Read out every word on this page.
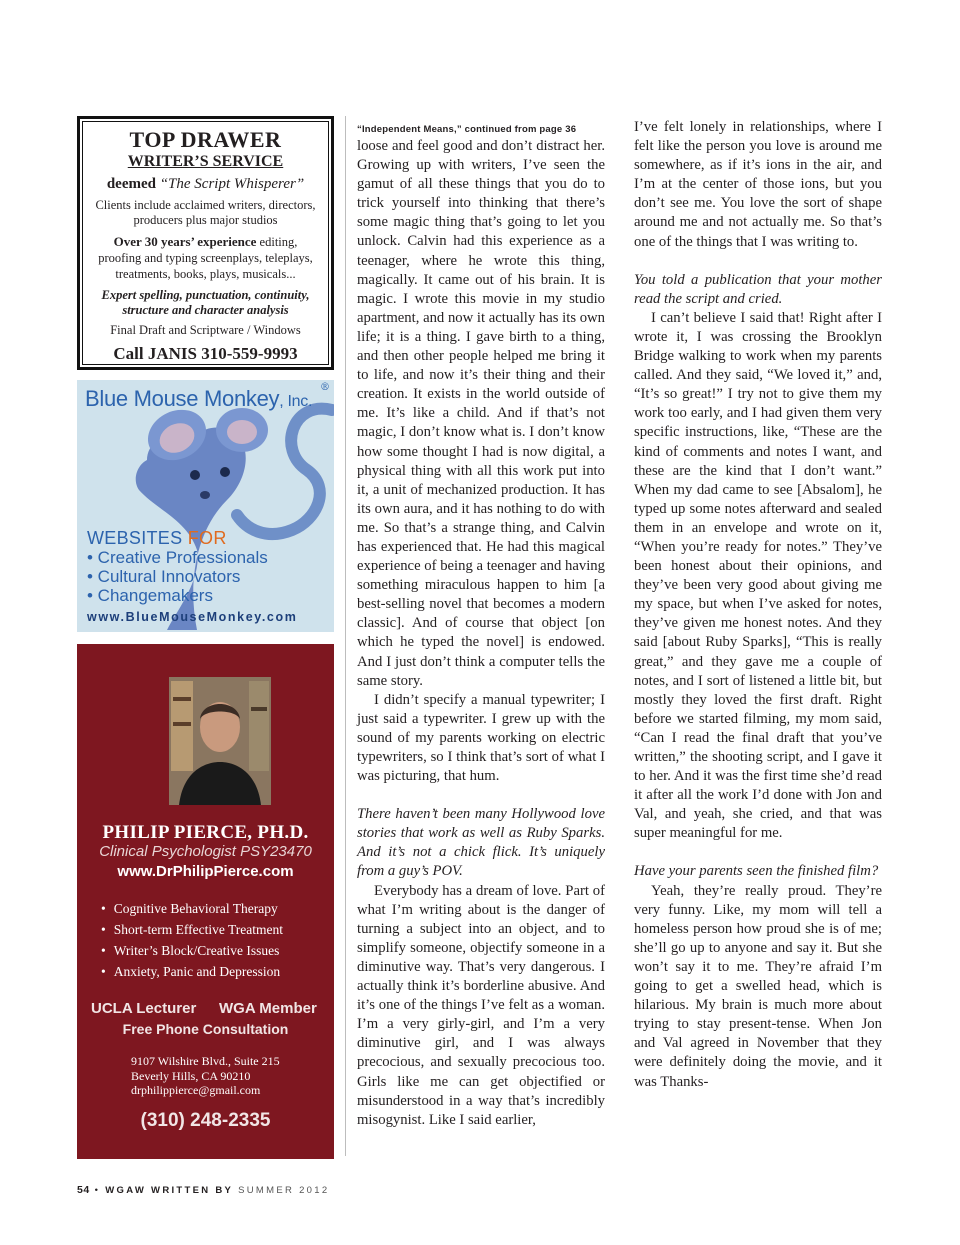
TOP DRAWER
WRITER’S SERVICE
deemed “The Script Whisperer”
Clients include acclaimed writers, directors, producers plus major studios
Over 30 years’ experience editing, proofing and typing screenplays, teleplays, treatments, books, plays, musicals...
Expert spelling, punctuation, continuity, structure and character analysis
Final Draft and Scriptware / Windows
Call JANIS 310-559-9993
®
Blue Mouse Monkey, Inc.
WEBSITES FOR
• Creative Professionals
• Cultural Innovators
• Changemakers
www.BlueMouseMonkey.com
PHILIP PIERCE, PH.D.
Clinical Psychologist PSY23470
www.DrPhilipPierce.com
• Cognitive Behavioral Therapy
• Short-term Effective Treatment
• Writer’s Block/Creative Issues
• Anxiety, Panic and Depression
UCLA Lecturer WGA Member
Free Phone Consultation
9107 Wilshire Blvd., Suite 215
Beverly Hills, CA 90210
drphilippierce@gmail.com
(310) 248-2335
“Independent Means,” continued from page 36

loose and feel good and don’t distract her. Growing up with writers, I’ve seen the gamut of all these things that you do to trick yourself into thinking that there’s some magic thing that’s going to let you unlock. Calvin had this experience as a teenager, where he wrote this thing, magically. It came out of his brain. It is magic. I wrote this movie in my studio apartment, and now it actually has its own life; it is a thing. I gave birth to a thing, and then other people helped me bring it to life, and now it’s their thing and their creation. It exists in the world outside of me. It’s like a child. And if that’s not magic, I don’t know what is. I don’t know how some thought I had is now digital, a physical thing with all this work put into it, a unit of mechanized production. It has its own aura, and it has nothing to do with me. So that’s a strange thing, and Calvin has experienced that. He had this magical experience of being a teenager and having something miraculous happen to him [a best-selling novel that becomes a modern classic]. And of course that object [on which he typed the novel] is endowed. And I just don’t think a computer tells the same story.

I didn’t specify a manual typewriter; I just said a typewriter. I grew up with the sound of my parents working on electric typewriters, so I think that’s sort of what I was picturing, that hum.

There haven’t been many Hollywood love stories that work as well as Ruby Sparks. And it’s not a chick flick. It’s uniquely from a guy’s POV.

Everybody has a dream of love. Part of what I’m writing about is the danger of turning a subject into an object, and to simplify someone, objectify someone in a diminutive way. That’s very dangerous. I actually think it’s borderline abusive. And it’s one of the things I’ve felt as a woman. I’m a very girly-girl, and I’m a very diminutive girl, and I was always precocious, and sexually precocious too. Girls like me can get objectified or misunderstood in a way that’s incredibly misogynist. Like I said earlier,

I’ve felt lonely in relationships, where I felt like the person you love is around me somewhere, as if it’s ions in the air, and I’m at the center of those ions, but you don’t see me. You love the sort of shape around me and not actually me. So that’s one of the things that I was writing to.

You told a publication that your mother read the script and cried.

I can’t believe I said that! Right after I wrote it, I was crossing the Brooklyn Bridge walking to work when my parents called. And they said, “We loved it,” and, “It’s so great!” I try not to give them my work too early, and I had given them very specific instructions, like, “These are the kind of comments and notes I want, and these are the kind that I don’t want.” When my dad came to see [Absalom], he typed up some notes afterward and sealed them in an envelope and wrote on it, “When you’re ready for notes.” They’ve been honest about their opinions, and they’ve been very good about giving me my space, but when I’ve asked for notes, they’ve given me honest notes. And they said [about Ruby Sparks], “This is really great,” and they gave me a couple of notes, and I sort of listened a little bit, but mostly they loved the first draft. Right before we started filming, my mom said, “Can I read the final draft that you’ve written,” the shooting script, and I gave it to her. And it was the first time she’d read it after all the work I’d done with Jon and Val, and yeah, she cried, and that was super meaningful for me.

Have your parents seen the finished film?

Yeah, they’re really proud. They’re very funny. Like, my mom will tell a homeless person how proud she is of me; she’ll go up to anyone and say it. But she won’t say it to me. They’re afraid I’m going to get a swelled head, which is hilarious. My brain is much more about trying to stay present-tense. When Jon and Val agreed in November that they were definitely doing the movie, and it was Thanks-

54 • WGAW WRITTEN BY SUMMER 2012
